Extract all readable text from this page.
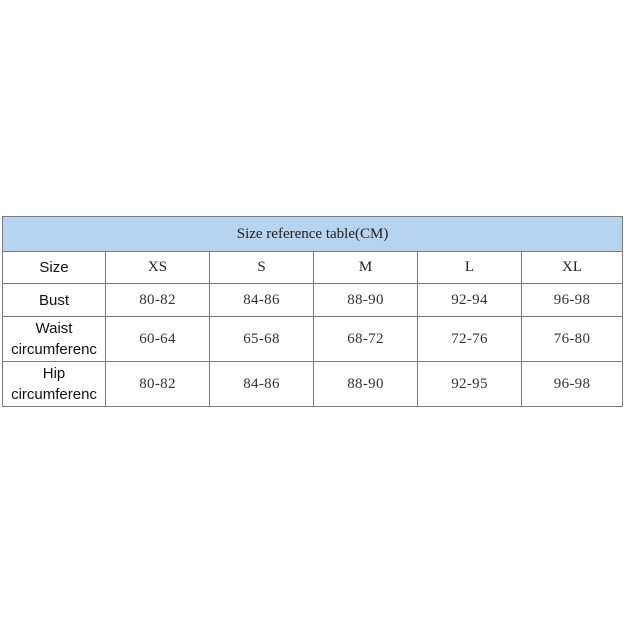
Size reference table(CM)					
Size	XS	S	M	L	XL
Bust	80-82	84-86	88-90	92-94	96-98
Waist
circumferenc	60-64	65-68	68-72	72-76	76-80
Hip
circumferenc	80-82	84-86	88-90	92-95	96-98
